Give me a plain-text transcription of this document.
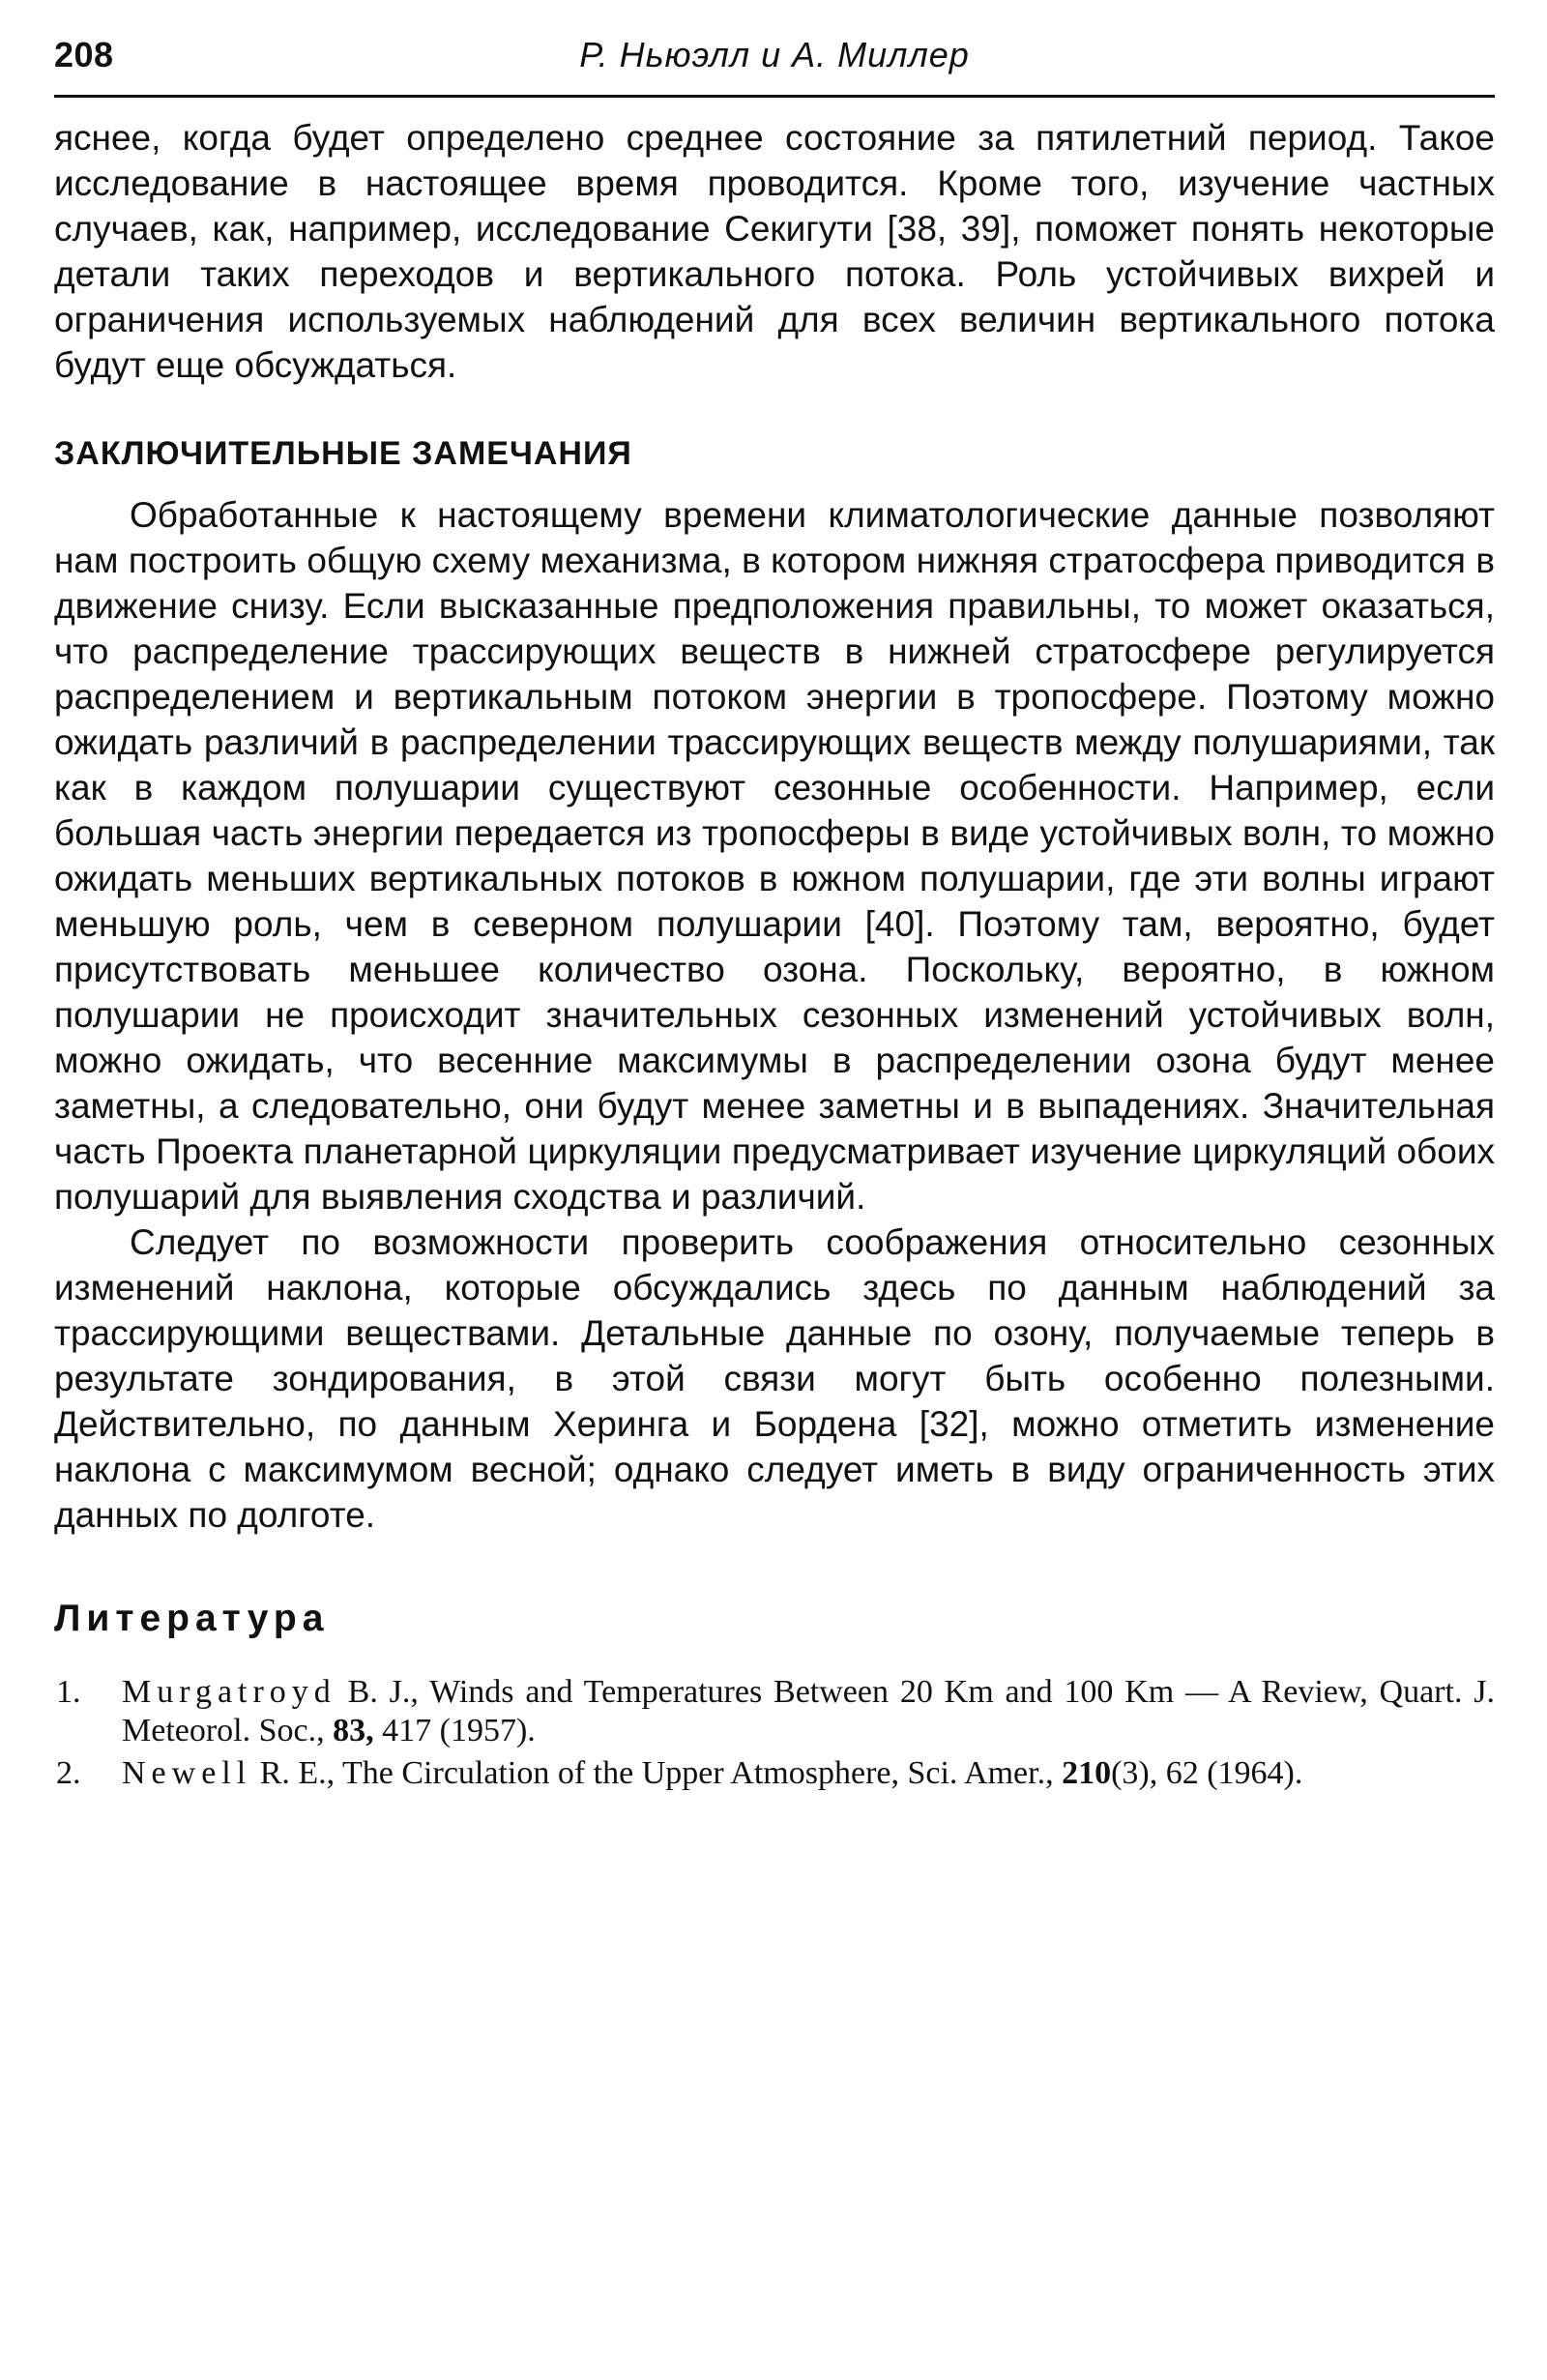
208	Р. Ньюэлл и А. Миллер

яснее, когда будет определено среднее состояние за пятилетний период. Такое исследование в настоящее время проводится. Кроме того, изучение частных случаев, как, например, исследование Секигути [38, 39], поможет понять некоторые детали таких переходов и вертикального потока. Роль устойчивых вихрей и ограничения используемых наблюдений для всех величин вертикального потока будут еще обсуждаться.

ЗАКЛЮЧИТЕЛЬНЫЕ ЗАМЕЧАНИЯ

Обработанные к настоящему времени климатологические данные позволяют нам построить общую схему механизма, в котором нижняя стратосфера приводится в движение снизу. Если высказанные предположения правильны, то может оказаться, что распределение трассирующих веществ в нижней стратосфере регулируется распределением и вертикальным потоком энергии в тропосфере. Поэтому можно ожидать различий в распределении трассирующих веществ между полушариями, так как в каждом полушарии существуют сезонные особенности. Например, если большая часть энергии передается из тропосферы в виде устойчивых волн, то можно ожидать меньших вертикальных потоков в южном полушарии, где эти волны играют меньшую роль, чем в северном полушарии [40]. Поэтому там, вероятно, будет присутствовать меньшее количество озона. Поскольку, вероятно, в южном полушарии не происходит значительных сезонных изменений устойчивых волн, можно ожидать, что весенние максимумы в распределении озона будут менее заметны, а следовательно, они будут менее заметны и в выпадениях. Значительная часть Проекта планетарной циркуляции предусматривает изучение циркуляций обоих полушарий для выявления сходства и различий.

Следует по возможности проверить соображения относительно сезонных изменений наклона, которые обсуждались здесь по данным наблюдений за трассирующими веществами. Детальные данные по озону, получаемые теперь в результате зондирования, в этой связи могут быть особенно полезными. Действительно, по данным Херинга и Бордена [32], можно отметить изменение наклона с максимумом весной; однако следует иметь в виду ограниченность этих данных по долготе.

Литература
1. Murgatroyd B. J., Winds and Temperatures Between 20 Km and 100 Km — A Review, Quart. J. Meteorol. Soc., 83, 417 (1957).
2. Newell R. E., The Circulation of the Upper Atmosphere, Sci. Amer., 210(3), 62 (1964).
